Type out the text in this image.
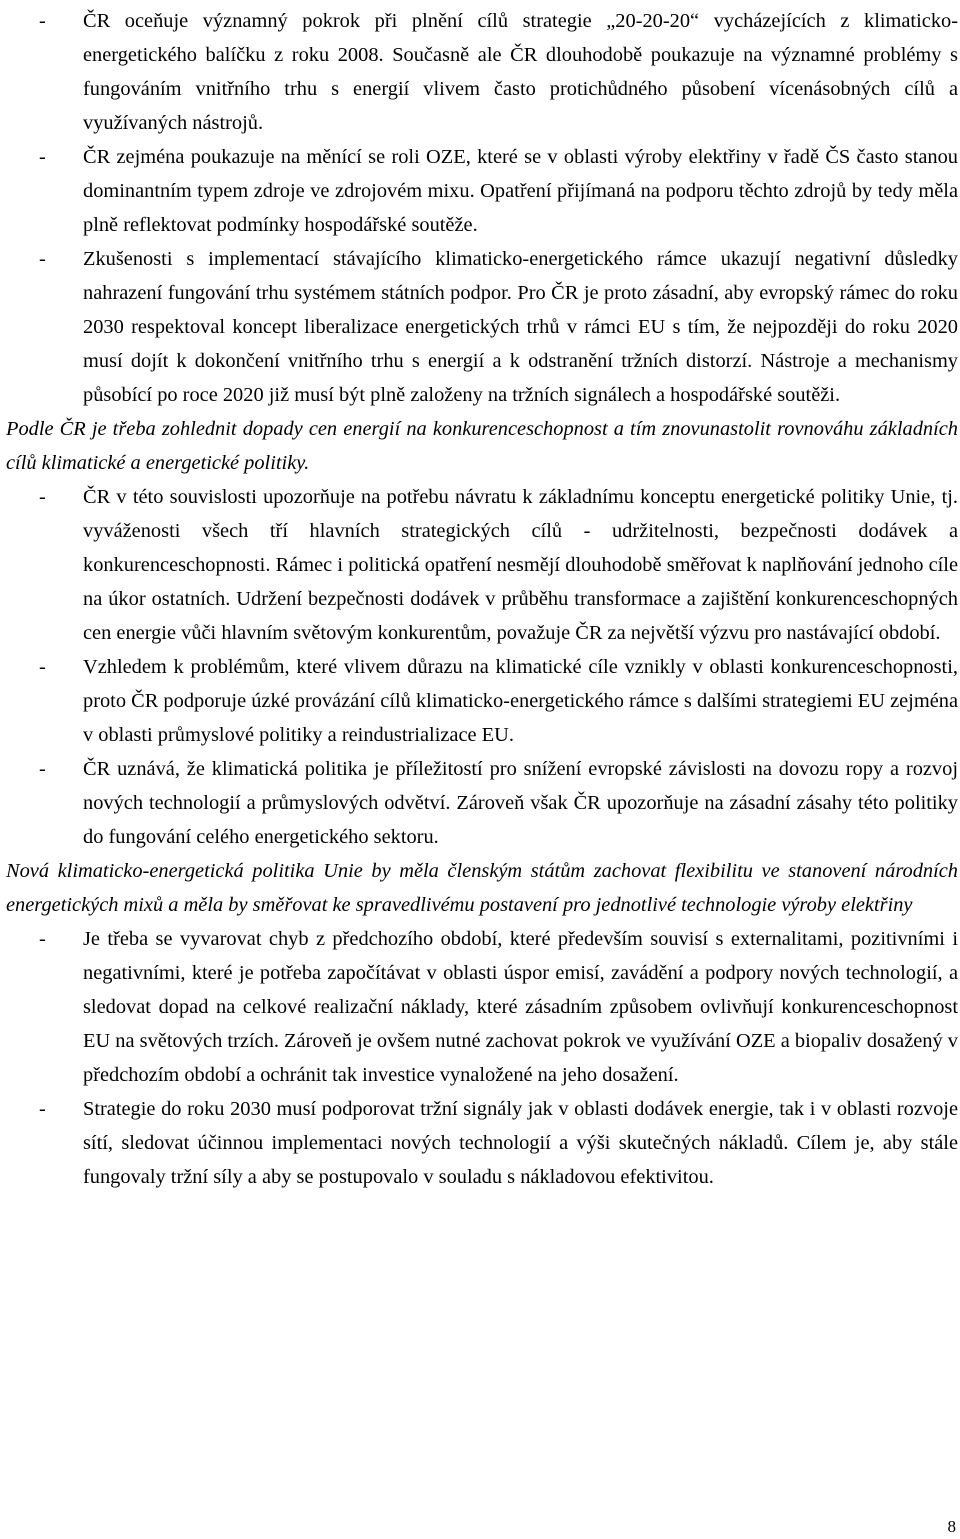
- ČR oceňuje významný pokrok při plnění cílů strategie „20-20-20“ vycházejících z klimaticko-energetického balíčku z roku 2008. Současně ale ČR dlouhodobě poukazuje na významné problémy s fungováním vnitřního trhu s energií vlivem často protichůdného působení vícenásobných cílů a využívaných nástrojů.
- ČR zejména poukazuje na měnící se roli OZE, které se v oblasti výroby elektřiny v řadě ČS často stanou dominantním typem zdroje ve zdrojovém mixu. Opatření přijímaná na podporu těchto zdrojů by tedy měla plně reflektovat podmínky hospodářské soutěže.
- Zkušenosti s implementací stávajícího klimaticko-energetického rámce ukazují negativní důsledky nahrazení fungování trhu systémem státních podpor. Pro ČR je proto zásadní, aby evropský rámec do roku 2030 respektoval koncept liberalizace energetických trhů v rámci EU s tím, že nejpozději do roku 2020 musí dojít k dokončení vnitřního trhu s energií a k odstranění tržních distorzí. Nástroje a mechanismy působící po roce 2020 již musí být plně založeny na tržních signálech a hospodářské soutěži.

Podle ČR je třeba zohlednit dopady cen energií na konkurenceschopnost a tím znovunastolit rovnováhu základních cílů klimatické a energetické politiky.

- ČR v této souvislosti upozorňuje na potřebu návratu k základnímu konceptu energetické politiky Unie, tj. vyváženosti všech tří hlavních strategických cílů - udržitelnosti, bezpečnosti dodávek a konkurenceschopnosti. Rámec i politická opatření nesmějí dlouhodobě směřovat k naplňování jednoho cíle na úkor ostatních. Udržení bezpečnosti dodávek v průběhu transformace a zajištění konkurenceschopných cen energie vůči hlavním světovým konkurentům, považuje ČR za největší výzvu pro nastávající období.
- Vzhledem k problémům, které vlivem důrazu na klimatické cíle vznikly v oblasti konkurenceschopnosti, proto ČR podporuje úzké provázání cílů klimaticko-energetického rámce s dalšími strategiemi EU zejména v oblasti průmyslové politiky a reindustrializace EU.
- ČR uznává, že klimatická politika je příležitostí pro snížení evropské závislosti na dovozu ropy a rozvoj nových technologií a průmyslových odvětví. Zároveň však ČR upozorňuje na zásadní zásahy této politiky do fungování celého energetického sektoru.

Nová klimaticko-energetická politika Unie by měla členským státům zachovat flexibilitu ve stanovení národních energetických mixů a měla by směřovat ke spravedlivému postavení pro jednotlivé technologie výroby elektřiny

- Je třeba se vyvarovat chyb z předchozího období, které především souvisí s externalitami, pozitivními i negativními, které je potřeba započítávat v oblasti úspor emisí, zavádění a podpory nových technologií, a sledovat dopad na celkové realizační náklady, které zásadním způsobem ovlivňují konkurenceschopnost EU na světových trzích. Zároveň je ovšem nutné zachovat pokrok ve využívání OZE a biopaliv dosažený v předchozím období a ochránit tak investice vynaložené na jeho dosažení.
- Strategie do roku 2030 musí podporovat tržní signály jak v oblasti dodávek energie, tak i v oblasti rozvoje sítí, sledovat účinnou implementaci nových technologií a výši skutečných nákladů. Cílem je, aby stále fungovaly tržní síly a aby se postupovalo v souladu s nákladovou efektivitou.
8
